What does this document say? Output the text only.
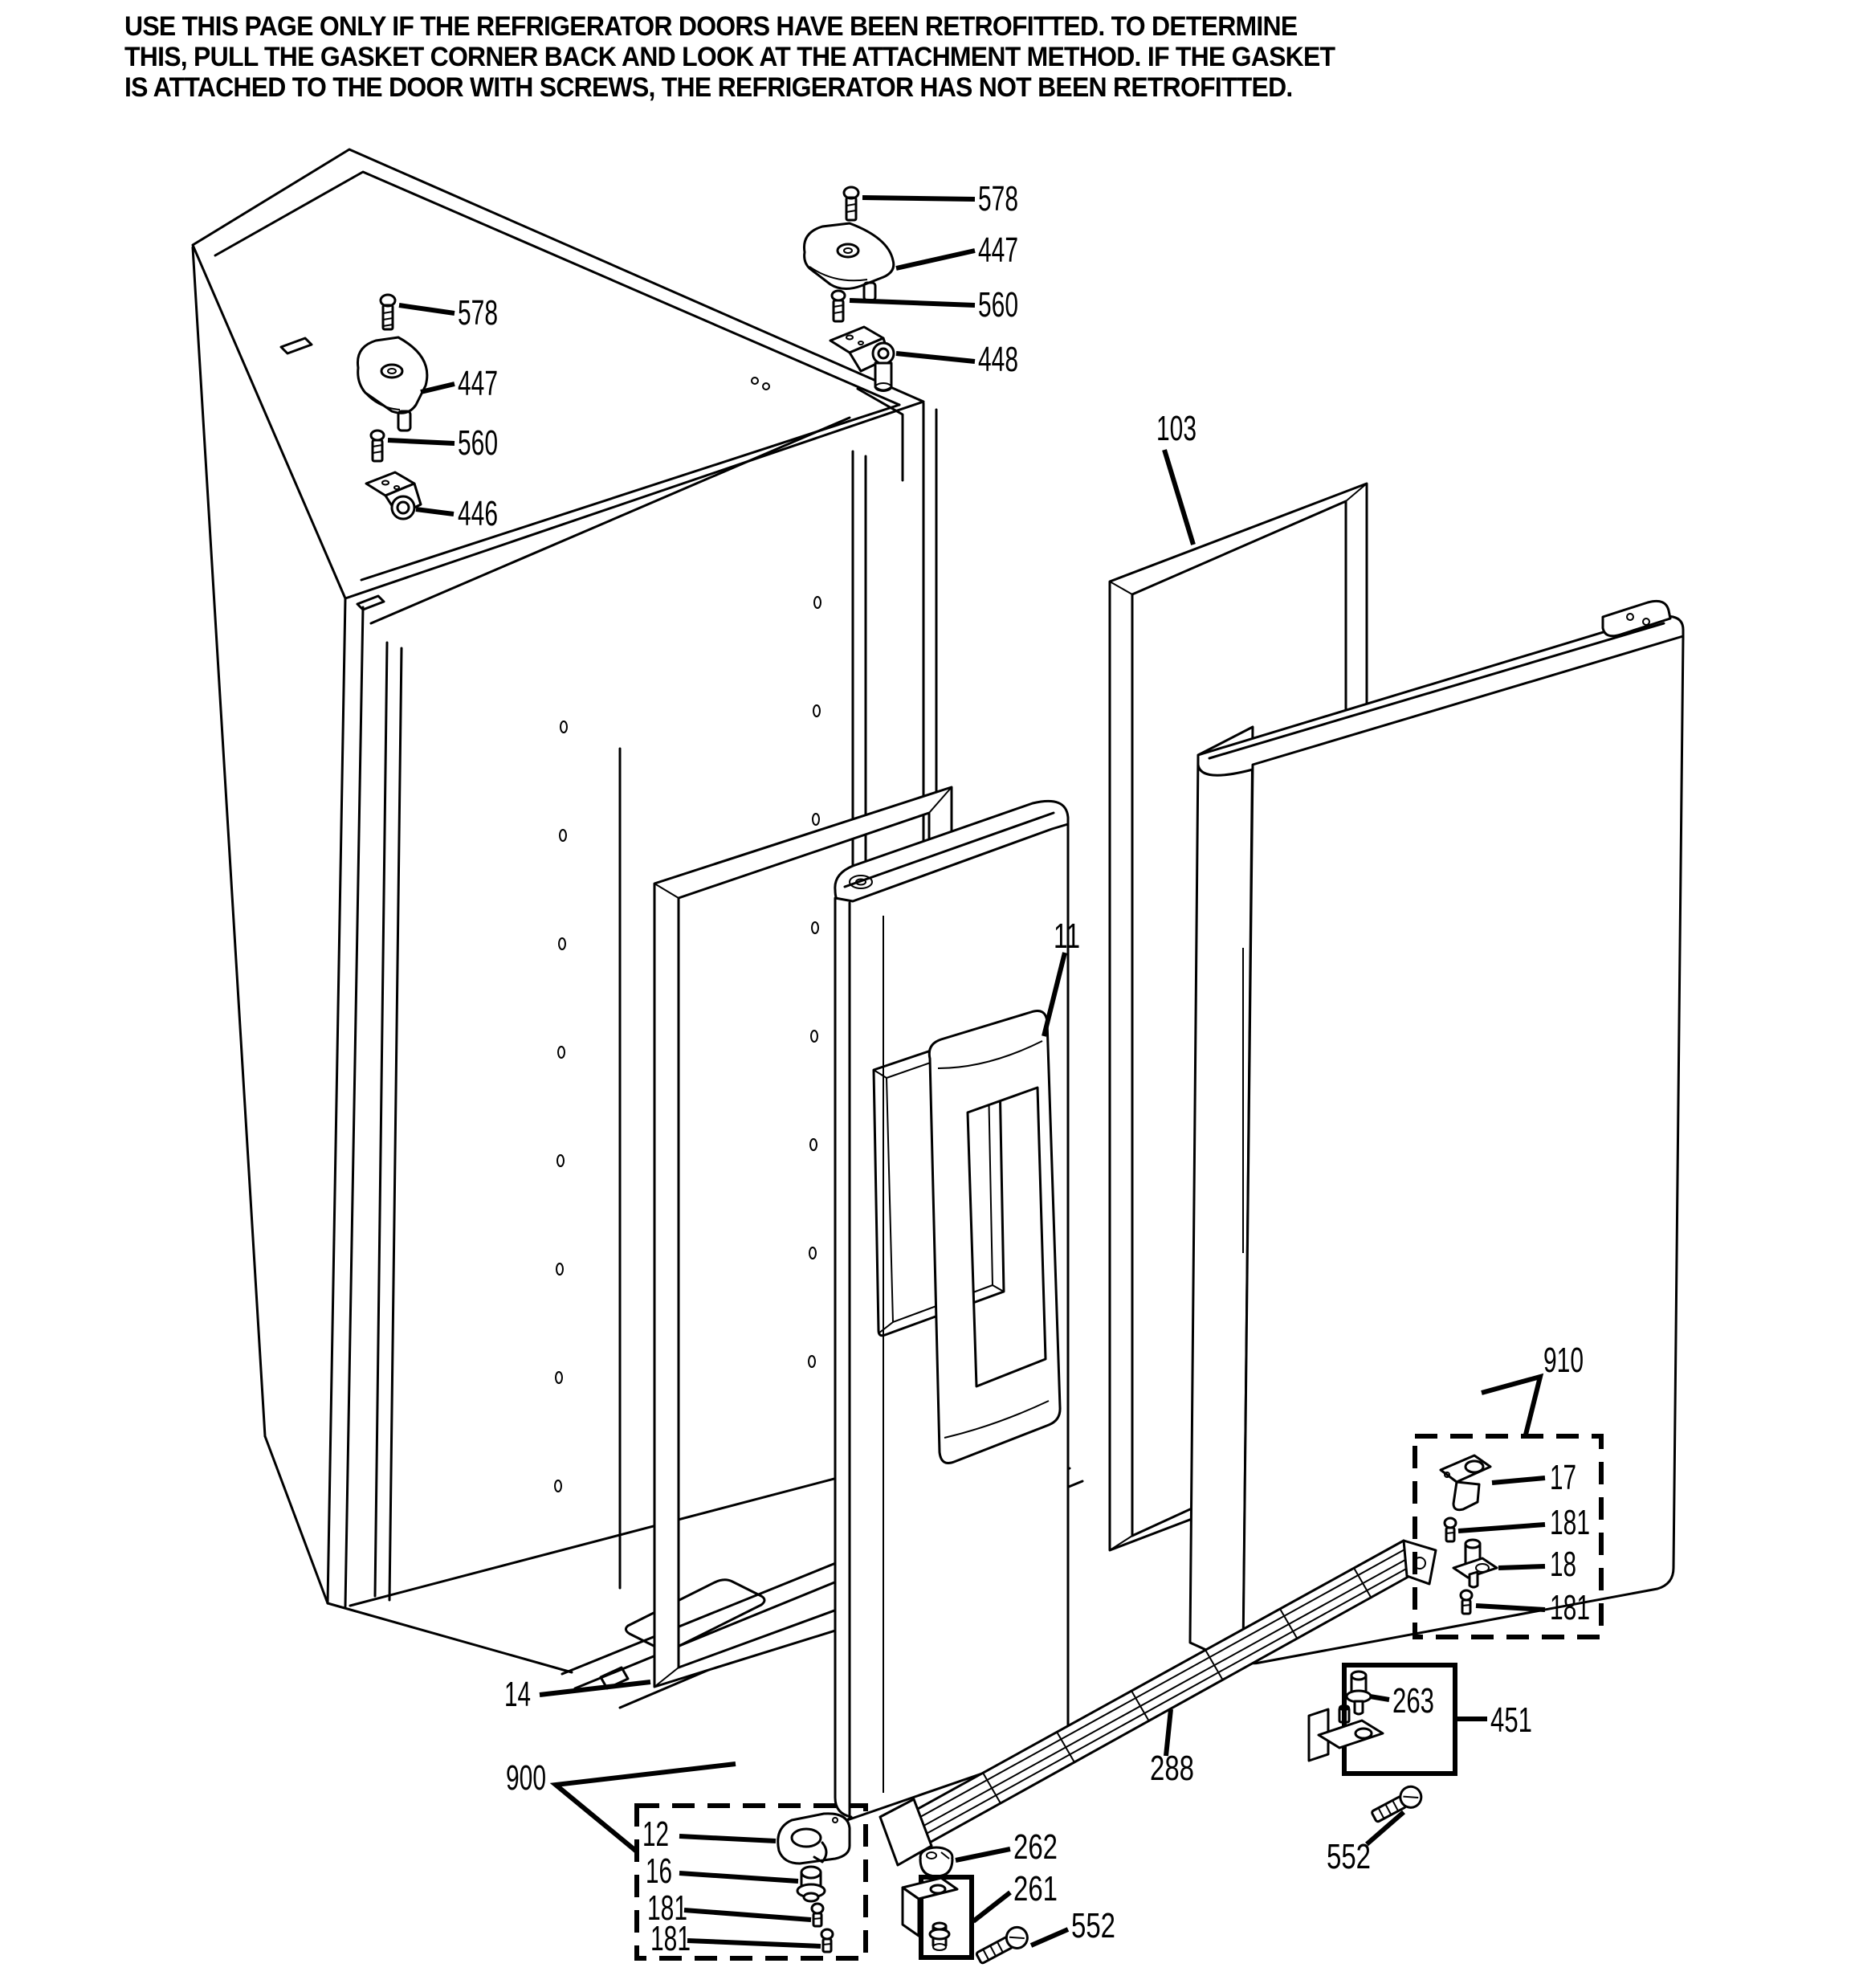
USE THIS PAGE ONLY IF THE REFRIGERATOR DOORS HAVE BEEN RETROFITTED. TO DETERMINE
THIS, PULL THE GASKET CORNER BACK AND LOOK AT THE ATTACHMENT METHOD. IF THE GASKET
IS ATTACHED TO THE DOOR WITH SCREWS, THE REFRIGERATOR HAS NOT BEEN RETROFITTED.
578
447
560
446
578
447
560
448
103
11
14
910
17
181
18
181
900
12
16
181
181
288
262
261
552
263 451
552
